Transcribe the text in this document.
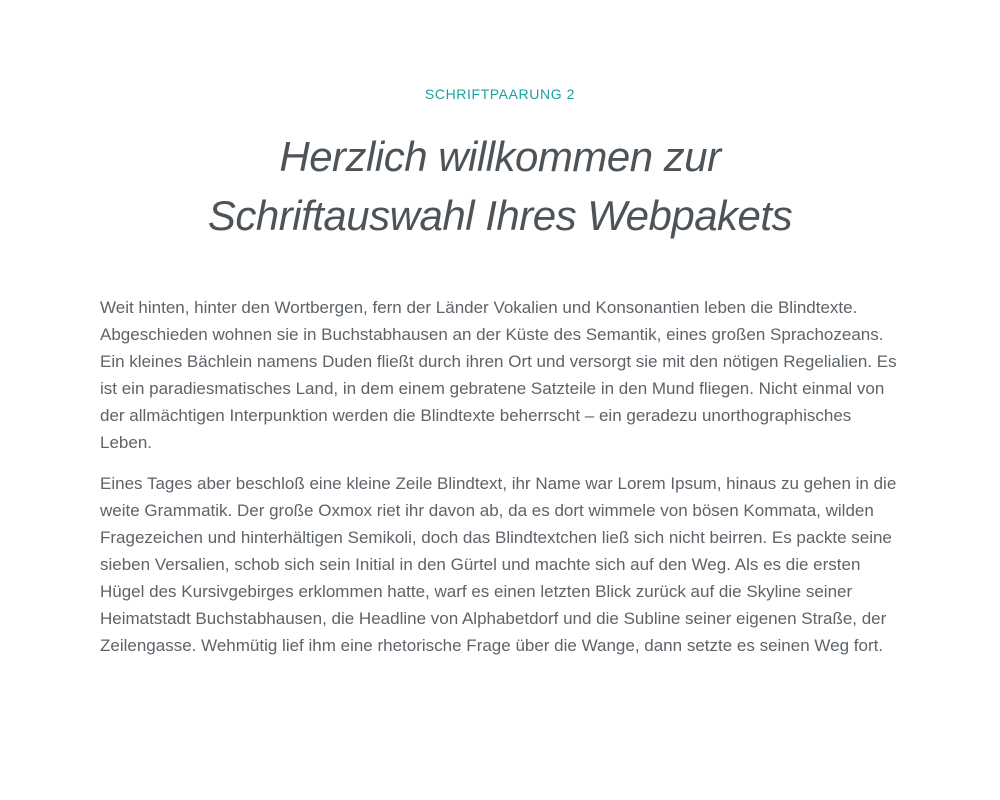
SCHRIFTPAARUNG 2
Herzlich willkommen zur
Schriftauswahl Ihres Webpakets

Weit hinten, hinter den Wortbergen, fern der Länder Vokalien und Konsonantien leben die Blindtexte. Abgeschieden wohnen sie in Buchstabhausen an der Küste des Semantik, eines großen Sprachozeans. Ein kleines Bächlein namens Duden fließt durch ihren Ort und versorgt sie mit den nötigen Regelialien. Es ist ein paradiesmatisches Land, in dem einem gebratene Satzteile in den Mund fliegen. Nicht einmal von der allmächtigen Interpunktion werden die Blindtexte beherrscht – ein geradezu unorthographisches Leben.

Eines Tages aber beschloß eine kleine Zeile Blindtext, ihr Name war Lorem Ipsum, hinaus zu gehen in die weite Grammatik. Der große Oxmox riet ihr davon ab, da es dort wimmele von bösen Kommata, wilden Fragezeichen und hinterhältigen Semikoli, doch das Blindtextchen ließ sich nicht beirren. Es packte seine sieben Versalien, schob sich sein Initial in den Gürtel und machte sich auf den Weg. Als es die ersten Hügel des Kursivgebirges erklommen hatte, warf es einen letzten Blick zurück auf die Skyline seiner Heimatstadt Buchstabhausen, die Headline von Alphabetdorf und die Subline seiner eigenen Straße, der Zeilengasse. Wehmütig lief ihm eine rhetorische Frage über die Wange, dann setzte es seinen Weg fort.
